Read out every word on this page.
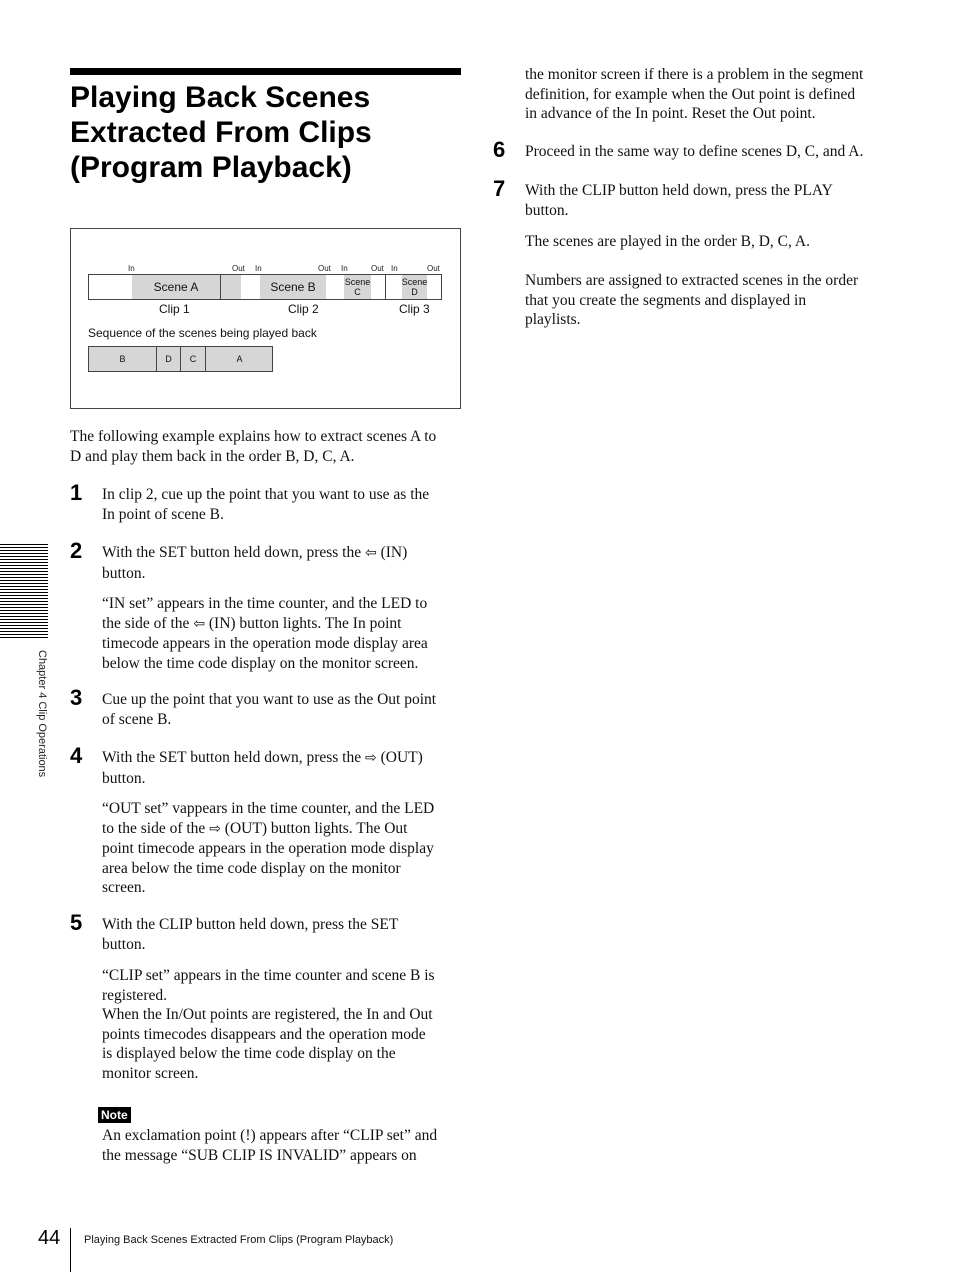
Playing Back Scenes
Extracted From Clips
(Program Playback)
In	Out In	Out In	Out In	Out
Scene A	Scene B	Scene
C
Scene
D
Clip 1	Clip 2	Clip 3
Sequence of the scenes being played back
B	D C	A
The following example explains how to extract scenes A to
D and play them back in the order B, D, C, A.
1 In clip 2, cue up the point that you want to use as the
In point of scene B.
2 With the SET button held down, press the ⇦ (IN)
button.
“IN set” appears in the time counter, and the LED to
the side of the ⇦ (IN) button lights. The In point
timecode appears in the operation mode display area
below the time code display on the monitor screen.
3 Cue up the point that you want to use as the Out point
of scene B.
4 With the SET button held down, press the ⇨ (OUT)
button.
“OUT set” vappears in the time counter, and the LED
to the side of the ⇨ (OUT) button lights. The Out
point timecode appears in the operation mode display
area below the time code display on the monitor
screen.
5 With the CLIP button held down, press the SET
button.
“CLIP set” appears in the time counter and scene B is
registered.
When the In/Out points are registered, the In and Out
points timecodes disappears and the operation mode
is displayed below the time code display on the
monitor screen.
Note
An exclamation point (!) appears after “CLIP set” and
the message “SUB CLIP IS INVALID” appears on
the monitor screen if there is a problem in the segment
definition, for example when the Out point is defined
in advance of the In point. Reset the Out point.
6 Proceed in the same way to define scenes D, C, and A.
7 With the CLIP button held down, press the PLAY
button.
The scenes are played in the order B, D, C, A.
Numbers are assigned to extracted scenes in the order
that you create the segments and displayed in
playlists.
Chapter 4 Clip Operations
44 Playing Back Scenes Extracted From Clips (Program Playback)
